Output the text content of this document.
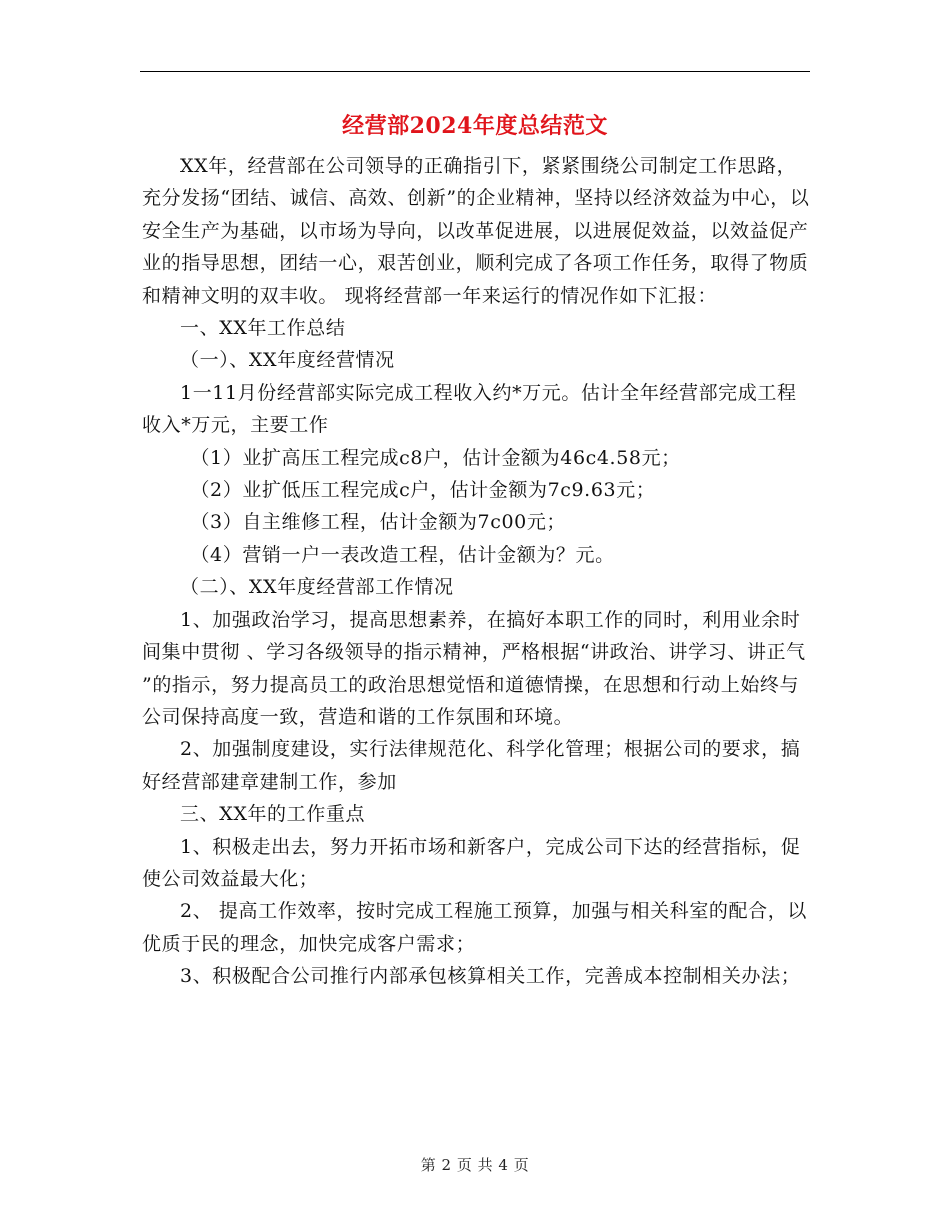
经营部2024年度总结范文

XX年，经营部在公司领导的正确指引下，紧紧围绕公司制定工作思路，充分发扬“团结、诚信、高效、创新”的企业精神，坚持以经济效益为中心，以安全生产为基础，以市场为导向，以改革促进展，以进展促效益，以效益促产业的指导思想，团结一心，艰苦创业，顺利完成了各项工作任务，取得了物质和精神文明的双丰收。 现将经营部一年来运行的情况作如下汇报：

一、XX年工作总结

（一）、XX年度经营情况

1一11月份经营部实际完成工程收入约*万元。估计全年经营部完成工程收入*万元，主要工作

（1）业扩高压工程完成c8户，估计金额为46c4.58元；

（2）业扩低压工程完成c户，估计金额为7c9.63元；

（3）自主维修工程，估计金额为7c00元；

（4）营销一户一表改造工程，估计金额为？元。

（二）、XX年度经营部工作情况

1、加强政治学习，提高思想素养，在搞好本职工作的同时，利用业余时间集中贯彻 、学习各级领导的指示精神，严格根据“讲政治、讲学习、讲正气 ”的指示，努力提高员工的政治思想觉悟和道德情操，在思想和行动上始终与公司保持高度一致，营造和谐的工作氛围和环境。

2、加强制度建设，实行法律规范化、科学化管理；根据公司的要求，搞好经营部建章建制工作，参加

三、XX年的工作重点

1、积极走出去，努力开拓市场和新客户，完成公司下达的经营指标，促使公司效益最大化；

2、 提高工作效率，按时完成工程施工预算，加强与相关科室的配合，以优质于民的理念，加快完成客户需求；

3、积极配合公司推行内部承包核算相关工作，完善成本控制相关办法；

第 2 页 共 4 页
